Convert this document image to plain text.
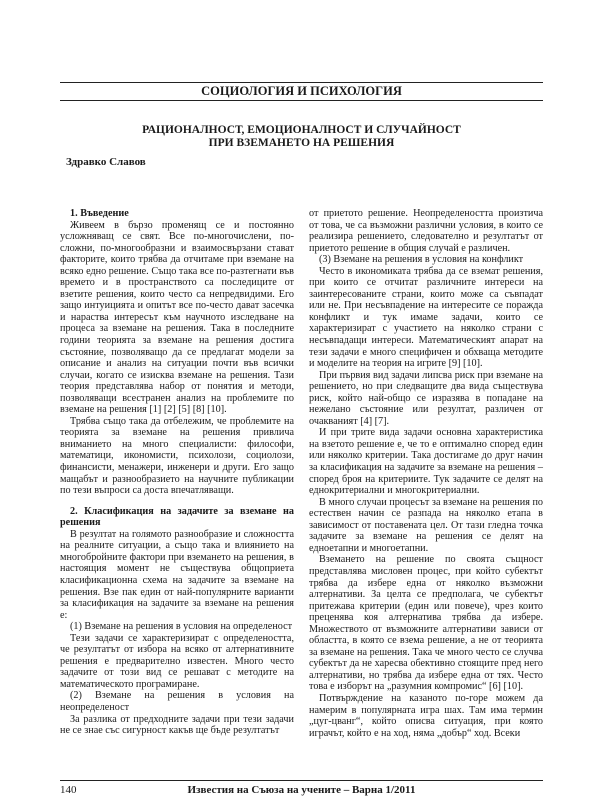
СОЦИОЛОГИЯ И ПСИХОЛОГИЯ
РАЦИОНАЛНОСТ, ЕМОЦИОНАЛНОСТ И СЛУЧАЙНОСТ
ПРИ ВЗЕМАНЕТО НА РЕШЕНИЯ
Здравко Славов
1. Въведение

Живеем в бързо променящ се и постоянно усложняващ се свят. Все по-многочислени, по-сложни, по-многообразни и взаимосвързани стават факторите, които трябва да отчитаме при вземане на всяко едно решение. Също така все по-разтегнати във времето и в пространството са последиците от взетите решения, които често са непредвидими. Его защо интуицията и опитът все по-често дават засечка и нараства интересът към научното изследване на процеса за вземане на решения. Така в последните години теорията за вземане на решения достига състояние, позволяващо да се предлагат модели за описание и анализ на ситуации почти във всички случаи, когато се изисква вземане на решения. Тази теория представлява набор от понятия и методи, позволяващи всестранен анализ на проблемите по вземане на решения [1] [2] [5] [8] [10].

Трябва също така да отбележим, че проблемите на теорията за вземане на решения привлича вниманието на много специалисти: философи, математици, икономисти, психолози, социолози, финансисти, менажери, инженери и други. Его защо мащабът и разнообразието на научните публикации по тези въпроси са доста впечатляващи.

2. Класификация на задачите за вземане на решения

В резултат на голямото разнообразие и сложността на реалните ситуации, а също така и влиянието на многобройните фактори при вземането на решения, в настоящия момент не съществува общоприета класификационна схема на задачите за вземане на решения. Взе пак един от най-популярните варианти за класификация на задачите за вземане на решения е:

(1) Вземане на решения в условия на определеност

Тези задачи се характеризират с определеността, че резултатът от избора на всяко от алтернативните решения е предварително известен. Много често задачите от този вид се решават с методите на математическото програмиране.

(2) Вземане на решения в условия на неопределеност

За разлика от предходните задачи при тези задачи не се знае със сигурност какъв ще бъде резултатът

от приетото решение. Неопределеността произтича от това, че са възможни различни условия, в които се реализира решението, следователно и резултатът от приетото решение в общия случай е различен.

(3) Вземане на решения в условия на конфликт

Често в икономиката трябва да се вземат решения, при които се отчитат различните интереси на заинтересованите страни, които може са съвпадат или не. При несъвпадение на интересите се поражда конфликт и тук имаме задачи, които се характеризират с участието на няколко страни с несъвпадащи интереси. Математическият апарат на тези задачи е много специфичен и обхваща методите и моделите на теория на игрите [9] [10].

При първия вид задачи липсва риск при вземане на решението, но при следващите два вида съществува риск, който най-общо се изразява в попадане на нежелано състояние или резултат, различен от очакваният [4] [7].

И при трите вида задачи основна характеристика на взетото решение е, че то е оптимално според един или няколко критерии. Така достигаме до друг начин за класификация на задачите за вземане на решения – според броя на критериите. Тук задачите се делят на еднокритериални и многокритериални.

В много случаи процесът за вземане на решения по естествен начин се разпада на няколко етапа в зависимост от поставената цел. От тази гледна точка задачите за вземане на решения се делят на едноетапни и многоетапни.

Вземането на решение по своята същност представлява мисловен процес, при който субектът трябва да избере една от няколко възможни алтернативи. За целта се предполага, че субектът притежава критерии (един или повече), чрез които преценява коя алтернатива трябва да избере. Множеството от възможните алтернативи зависи от областта, в която се взема решение, а не от теорията за вземане на решения. Така че много често се случва субектът да не харесва обективно стоящите пред него алтернативи, но трябва да избере една от тях. Често това е изборът на „разумния компромис“ [6] [10].

Потвърждение на казаното по-горе можем да намерим в популярната игра шах. Там има термин „цуг-цванг“, който описва ситуация, при която играчът, който е на ход, няма „добър“ ход. Всеки

140	Известия на Съюза на учените – Варна 1/2011
